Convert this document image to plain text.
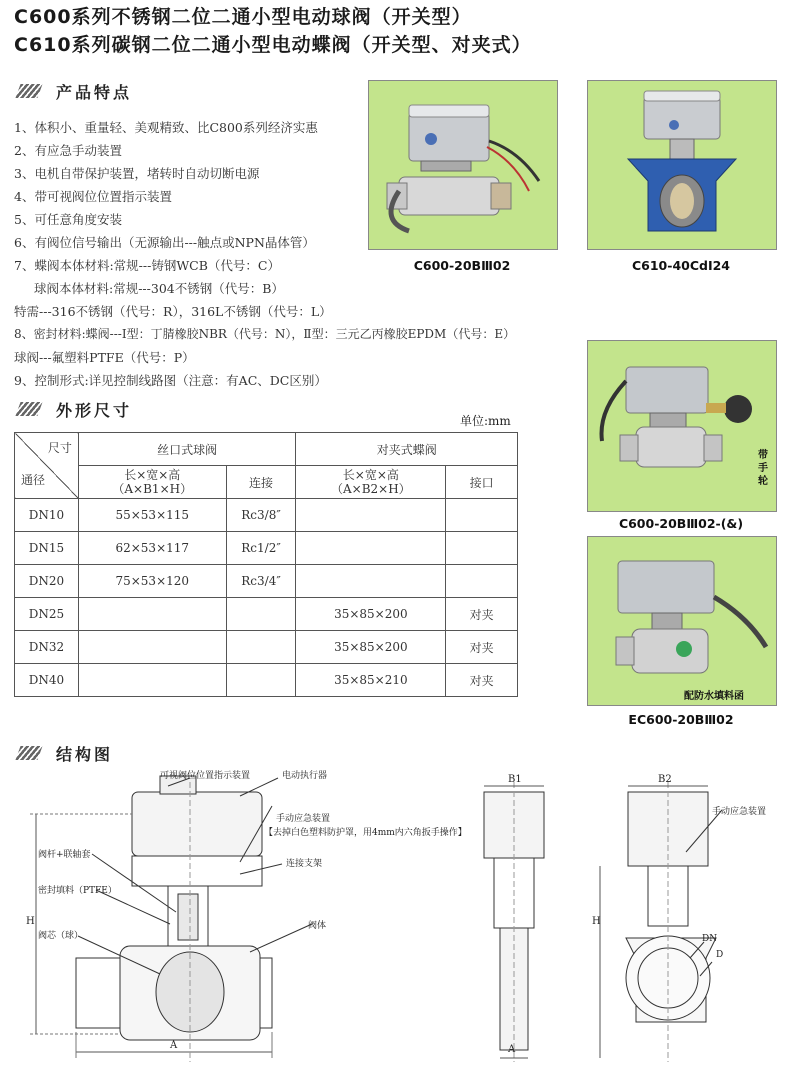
C600系列不锈钢二位二通小型电动球阀（开关型）
C610系列碳钢二位二通小型电动蝶阀（开关型、对夹式）
产品特点
1、体积小、重量轻、美观精致、比C800系列经济实惠
2、有应急手动装置
3、电机自带保护装置，堵转时自动切断电源
4、带可视阀位位置指示装置
5、可任意角度安装
6、有阀位信号输出（无源输出---触点或NPN晶体管）
7、蝶阀本体材料:常规---铸钢WCB（代号：C）
球阀本体材料:常规---304不锈钢（代号：B）
特需---316不锈钢（代号：R），316L不锈钢（代号：L）
8、密封材料:蝶阀---Ⅰ型：丁腈橡胶NBR（代号：N），Ⅱ型：三元乙丙橡胶EPDM（代号：E）
球阀---氟塑料PTFE（代号：P）
9、控制形式:详见控制线路图（注意：有AC、DC区别）
C600-20BⅢ02	C610-40CdⅠ24
带
手
轮
C600-20BⅢ02-(&)
配防水填料函
EC600-20BⅢ02
外形尺寸
单位:mm
尺寸
通径	丝口式球阀		对夹式蝶阀	
	长×宽×高
（A×B1×H）	连接	长×宽×高
（A×B2×H）	接口
DN10	55×53×115	Rc3/8″		
DN15	62×53×117	Rc1/2″		
DN20	75×53×120	Rc3/4″		
DN25			35×85×200	对夹
DN32			35×85×200	对夹
DN40			35×85×210	对夹
结构图
可视阀位位置指示装置	电动执行器
手动应急装置
【去掉白色塑料防护罩，用4mm内六角扳手操作】
阀杆+联轴套
连接支架
密封填料（PTFE）
阀芯（球）
阀体
H
A
B1
A
B2
手动应急装置
H
DN
D
